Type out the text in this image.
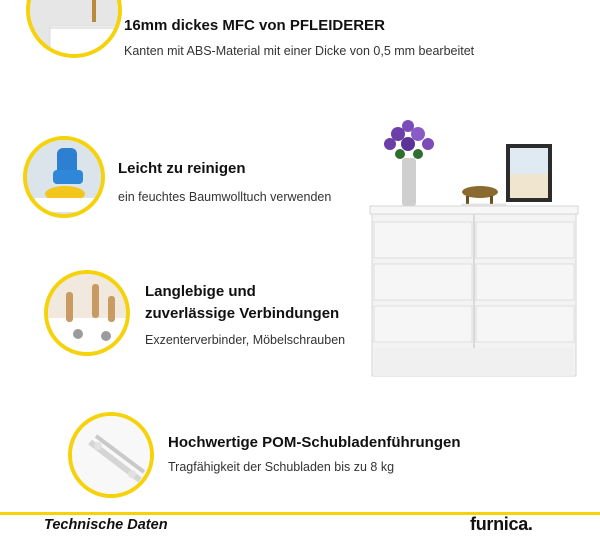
16mm dickes MFC von PFLEIDERER
Kanten mit ABS-Material mit einer Dicke von 0,5 mm bearbeitet
Leicht zu reinigen
ein feuchtes Baumwolltuch verwenden
Langlebige und
zuverlässige Verbindungen
Exzenterverbinder, Möbelschrauben
Hochwertige POM-Schubladenführungen
Tragfähigkeit der Schubladen bis zu 8 kg
Technische Daten	furnica.
